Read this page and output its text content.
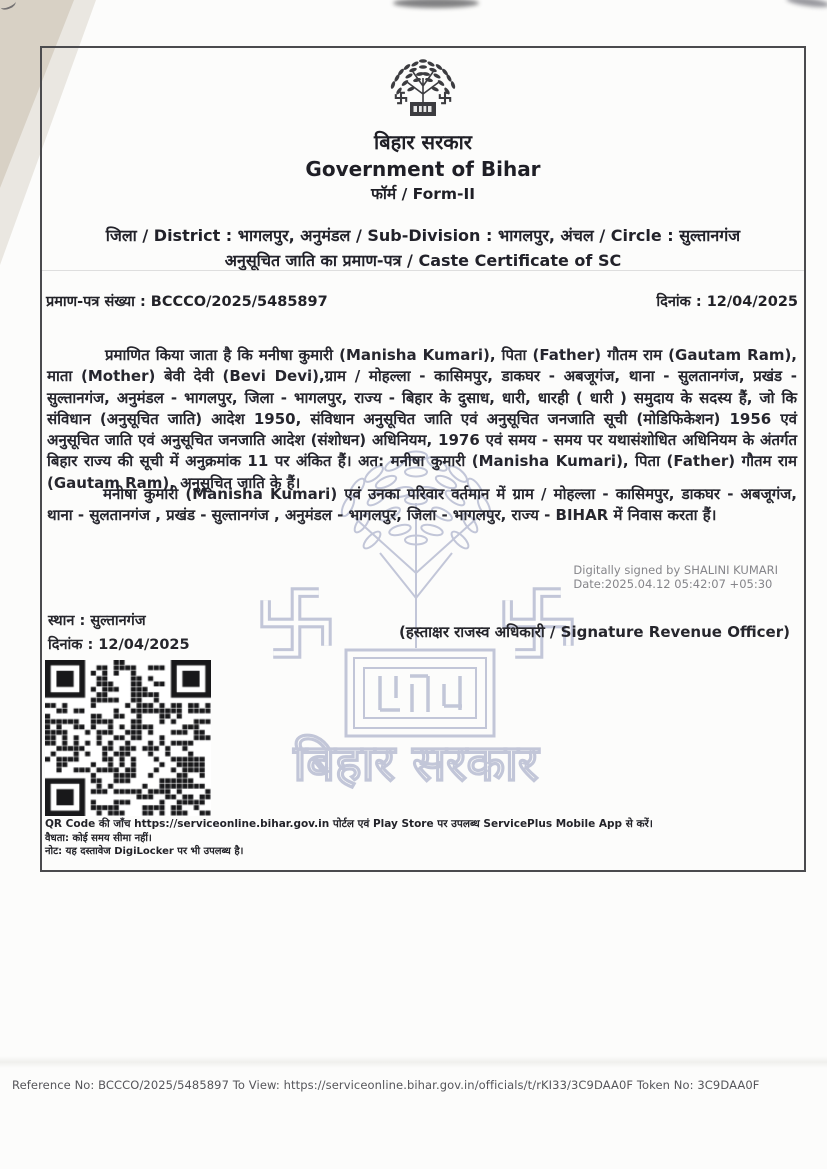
बिहार सरकार
Government of Bihar
फॉर्म / Form-II
जिला / District : भागलपुर, अनुमंडल / Sub-Division : भागलपुर, अंचल / Circle : सुल्तानगंज
अनुसूचित जाति का प्रमाण-पत्र / Caste Certificate of SC
प्रमाण-पत्र संख्या : BCCCO/2025/5485897	दिनांक : 12/04/2025
बिहार सरकार

प्रमाणित किया जाता है कि मनीषा कुमारी (Manisha Kumari), पिता (Father) गौतम राम (Gautam Ram), माता (Mother) बेवी देवी (Bevi Devi),ग्राम / मोहल्ला - कासिमपुर, डाकघर - अबजूगंज, थाना - सुलतानगंज, प्रखंड - सुल्तानगंज, अनुमंडल - भागलपुर, जिला - भागलपुर, राज्य - बिहार के दुसाध, धारी, धारही ( धारी ) समुदाय के सदस्य हैं, जो कि संविधान (अनुसूचित जाति) आदेश 1950, संविधान अनुसूचित जाति एवं अनुसूचित जनजाति सूची (मोडिफिकेशन) 1956 एवं अनुसूचित जाति एवं अनुसूचित जनजाति आदेश (संशोधन) अधिनियम, 1976 एवं समय - समय पर यथासंशोधित अधिनियम के अंतर्गत बिहार राज्य की सूची में अनुक्रमांक 11 पर अंकित हैं। अत: मनीषा कुमारी (Manisha Kumari), पिता (Father) गौतम राम (Gautam Ram), अनुसूचित जाति के हैं।

मनीषा कुमारी (Manisha Kumari) एवं उनका परिवार वर्तमान में ग्राम / मोहल्ला - कासिमपुर, डाकघर - अबजूगंज, थाना - सुलतानगंज , प्रखंड - सुल्तानगंज , अनुमंडल - भागलपुर, जिला - भागलपुर, राज्य - BIHAR में निवास करता हैं।

Digitally signed by SHALINI KUMARI
Date:2025.04.12 05:42:07 +05:30
स्थान : सुल्तानगंज
दिनांक : 12/04/2025
(हस्ताक्षर राजस्व अधिकारी / Signature Revenue Officer)
QR Code की जाँच https://serviceonline.bihar.gov.in पोर्टल एवं Play Store पर उपलब्ध ServicePlus Mobile App से करें।
वैधता: कोई समय सीमा नहीं।
नोट: यह दस्तावेज DigiLocker पर भी उपलब्ध है।
Reference No: BCCCO/2025/5485897 To View: https://serviceonline.bihar.gov.in/officials/t/rKI33/3C9DAA0F Token No: 3C9DAA0F
